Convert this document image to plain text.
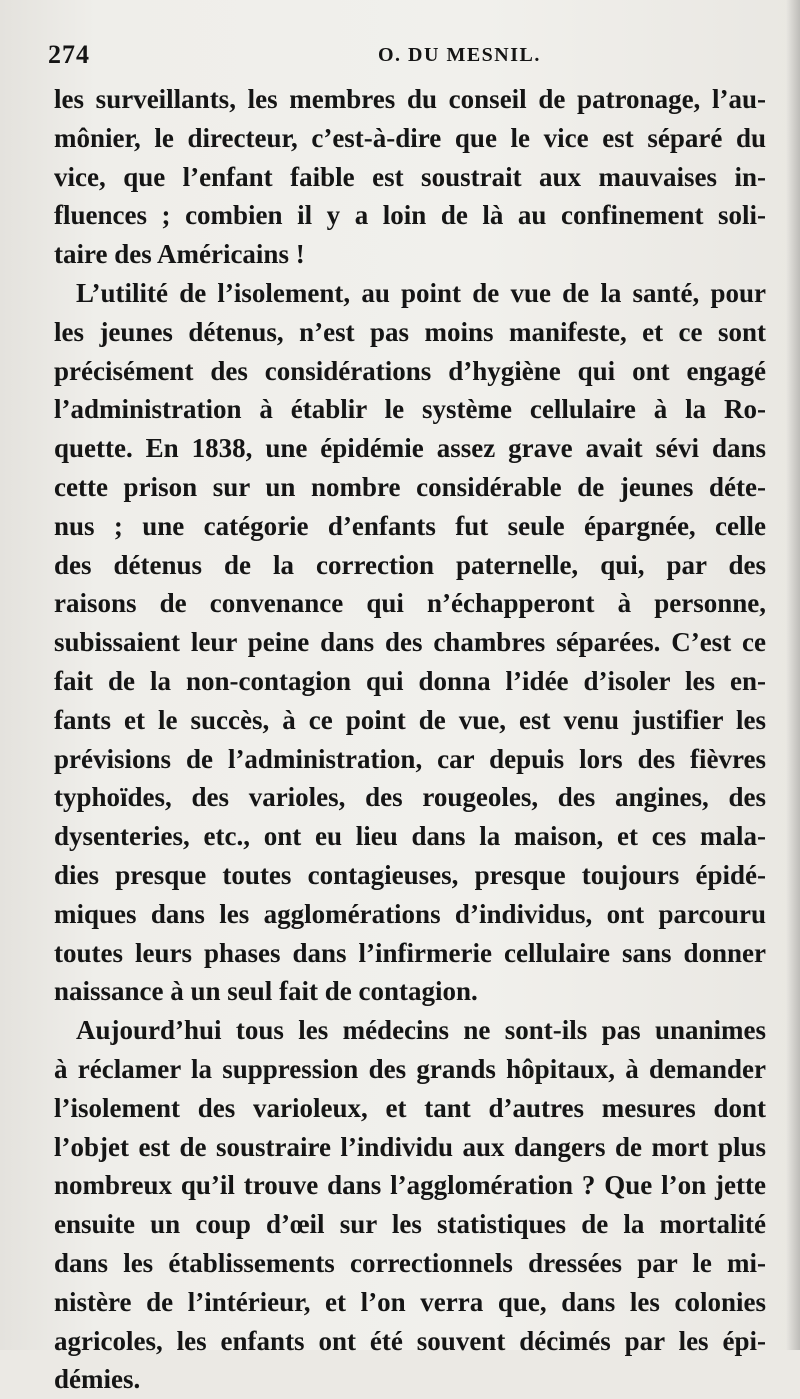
274	O. DU MESNIL.
les surveillants, les membres du conseil de patronage, l’au-
mônier, le directeur, c’est-à-dire que le vice est séparé du
vice, que l’enfant faible est soustrait aux mauvaises in-
fluences ; combien il y a loin de là au confinement soli-
taire des Américains !
L’utilité de l’isolement, au point de vue de la santé, pour
les jeunes détenus, n’est pas moins manifeste, et ce sont
précisément des considérations d’hygiène qui ont engagé
l’administration à établir le système cellulaire à la Ro-
quette. En 1838, une épidémie assez grave avait sévi dans
cette prison sur un nombre considérable de jeunes déte-
nus ; une catégorie d’enfants fut seule épargnée, celle
des détenus de la correction paternelle, qui, par des
raisons de convenance qui n’échapperont à personne,
subissaient leur peine dans des chambres séparées. C’est ce
fait de la non-contagion qui donna l’idée d’isoler les en-
fants et le succès, à ce point de vue, est venu justifier les
prévisions de l’administration, car depuis lors des fièvres
typhoïdes, des varioles, des rougeoles, des angines, des
dysenteries, etc., ont eu lieu dans la maison, et ces mala-
dies presque toutes contagieuses, presque toujours épidé-
miques dans les agglomérations d’individus, ont parcouru
toutes leurs phases dans l’infirmerie cellulaire sans donner
naissance à un seul fait de contagion.
Aujourd’hui tous les médecins ne sont-ils pas unanimes
à réclamer la suppression des grands hôpitaux, à demander
l’isolement des varioleux, et tant d’autres mesures dont
l’objet est de soustraire l’individu aux dangers de mort plus
nombreux qu’il trouve dans l’agglomération ? Que l’on jette
ensuite un coup d’œil sur les statistiques de la mortalité
dans les établissements correctionnels dressées par le mi-
nistère de l’intérieur, et l’on verra que, dans les colonies
agricoles, les enfants ont été souvent décimés par les épi-
démies.
